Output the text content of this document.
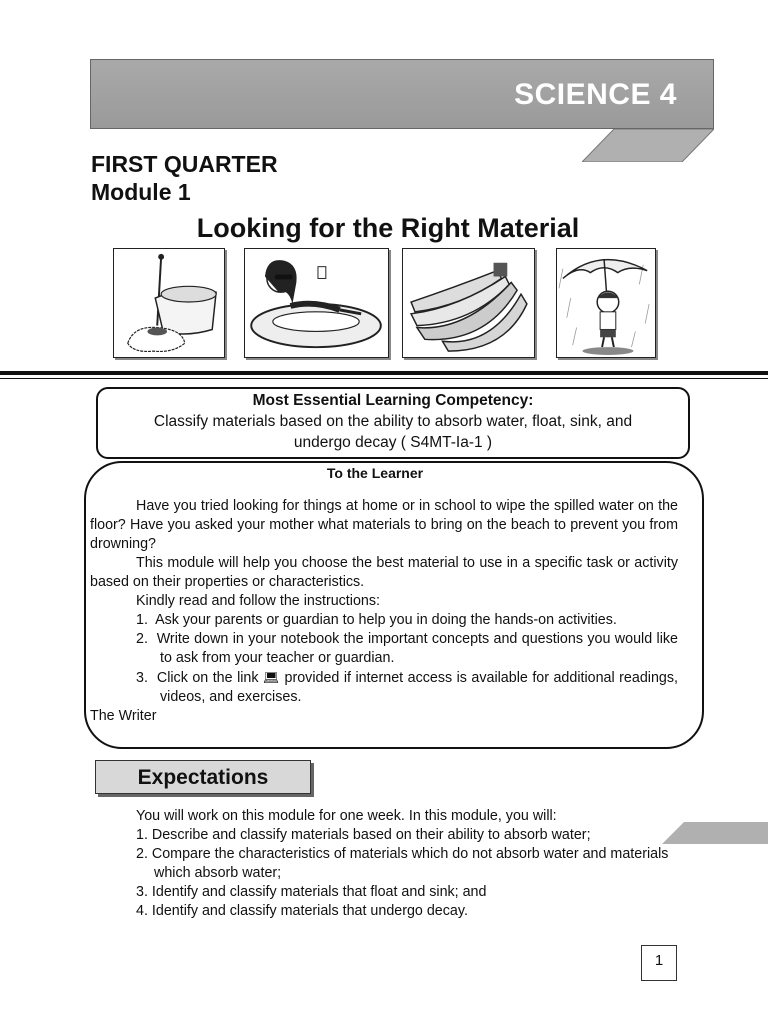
SCIENCE 4
FIRST QUARTER
Module 1
Looking for the Right Material
Most Essential Learning Competency:
Classify materials based on the ability to absorb water, float, sink, and
undergo decay ( S4MT-Ia-1 )
To the Learner

Have you tried looking for things at home or in school to wipe the spilled water on the floor? Have you asked your mother what materials to bring on the beach to prevent you from drowning?

This module will help you choose the best material to use in a specific task or activity based on their properties or characteristics.

Kindly read and follow the instructions:

1.  Ask your parents or guardian to help you in doing the hands-on activities.

2.  Write down in your notebook the important concepts and questions you would like to ask from your teacher or guardian.

3.  Click on the link 💻︎ provided if internet access is available for additional readings, videos, and exercises.

The Writer

Expectations

You will work on this module for one week. In this module, you will:

1. Describe and classify materials based on their ability to absorb water;

2. Compare the characteristics of materials which do not absorb water and materials which absorb water;

3. Identify and classify materials that float and sink; and

4. Identify and classify materials that undergo decay.

1
